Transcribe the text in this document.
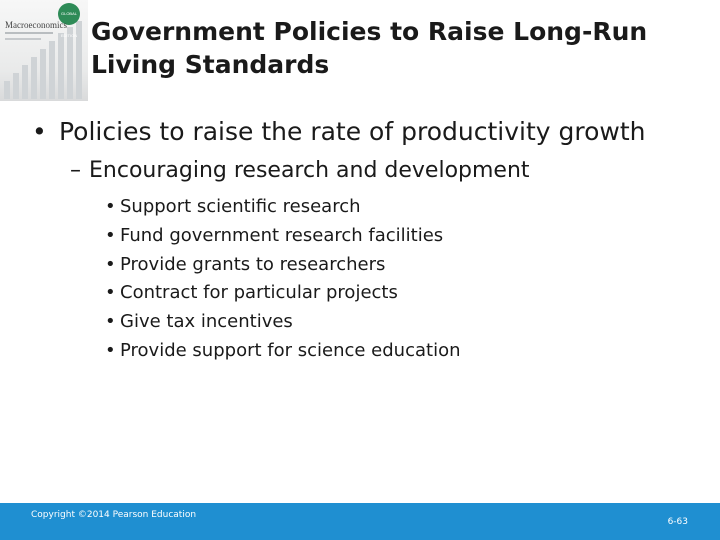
GLOBAL EDITION
Macroeconomics Government Policies to Raise Long-Run Living Standards
• Policies to raise the rate of productivity growth
– Encouraging research and development
• Support scientific research
• Fund government research facilities
• Provide grants to researchers
• Contract for particular projects
• Give tax incentives
• Provide support for science education
Copyright ©2014 Pearson Education
6-63
